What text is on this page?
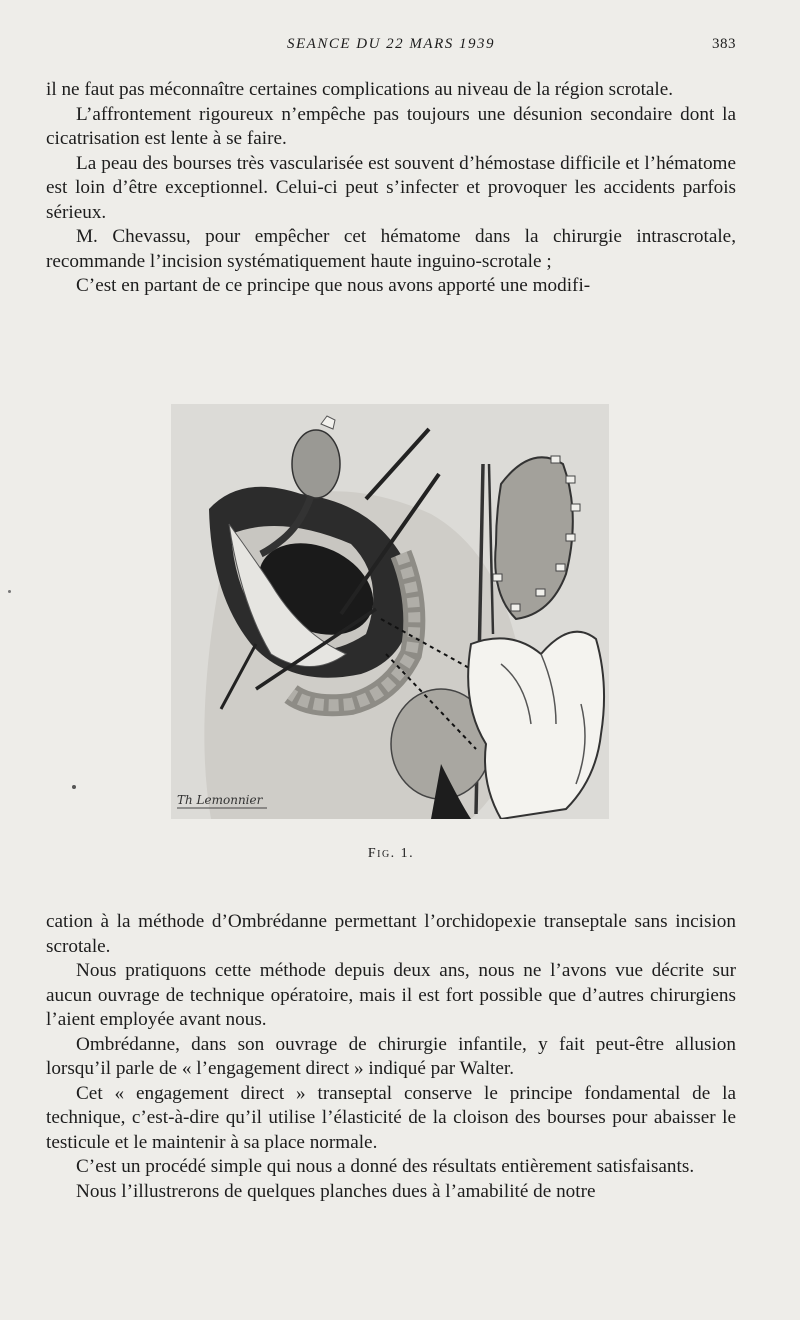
SEANCE DU 22 MARS 1939	383

il ne faut pas méconnaître certaines complications au niveau de la région scrotale.

L’affrontement rigoureux n’empêche pas toujours une désunion secondaire dont la cicatrisation est lente à se faire.

La peau des bourses très vascularisée est souvent d’hémostase difficile et l’hématome est loin d’être exceptionnel. Celui-ci peut s’infecter et provoquer les accidents parfois sérieux.

M. Chevassu, pour empêcher cet hématome dans la chirurgie intrascrotale, recommande l’incision systématiquement haute inguino-scrotale ;

C’est en partant de ce principe que nous avons apporté une modifi-

Th Lemonnier
Fig. 1.

cation à la méthode d’Ombrédanne permettant l’orchidopexie transeptale sans incision scrotale.

Nous pratiquons cette méthode depuis deux ans, nous ne l’avons vue décrite sur aucun ouvrage de technique opératoire, mais il est fort possible que d’autres chirurgiens l’aient employée avant nous.

Ombrédanne, dans son ouvrage de chirurgie infantile, y fait peut-être allusion lorsqu’il parle de « l’engagement direct » indiqué par Walter.

Cet « engagement direct » transeptal conserve le principe fondamental de la technique, c’est-à-dire qu’il utilise l’élasticité de la cloison des bourses pour abaisser le testicule et le maintenir à sa place normale.

C’est un procédé simple qui nous a donné des résultats entièrement satisfaisants.

Nous l’illustrerons de quelques planches dues à l’amabilité de notre
